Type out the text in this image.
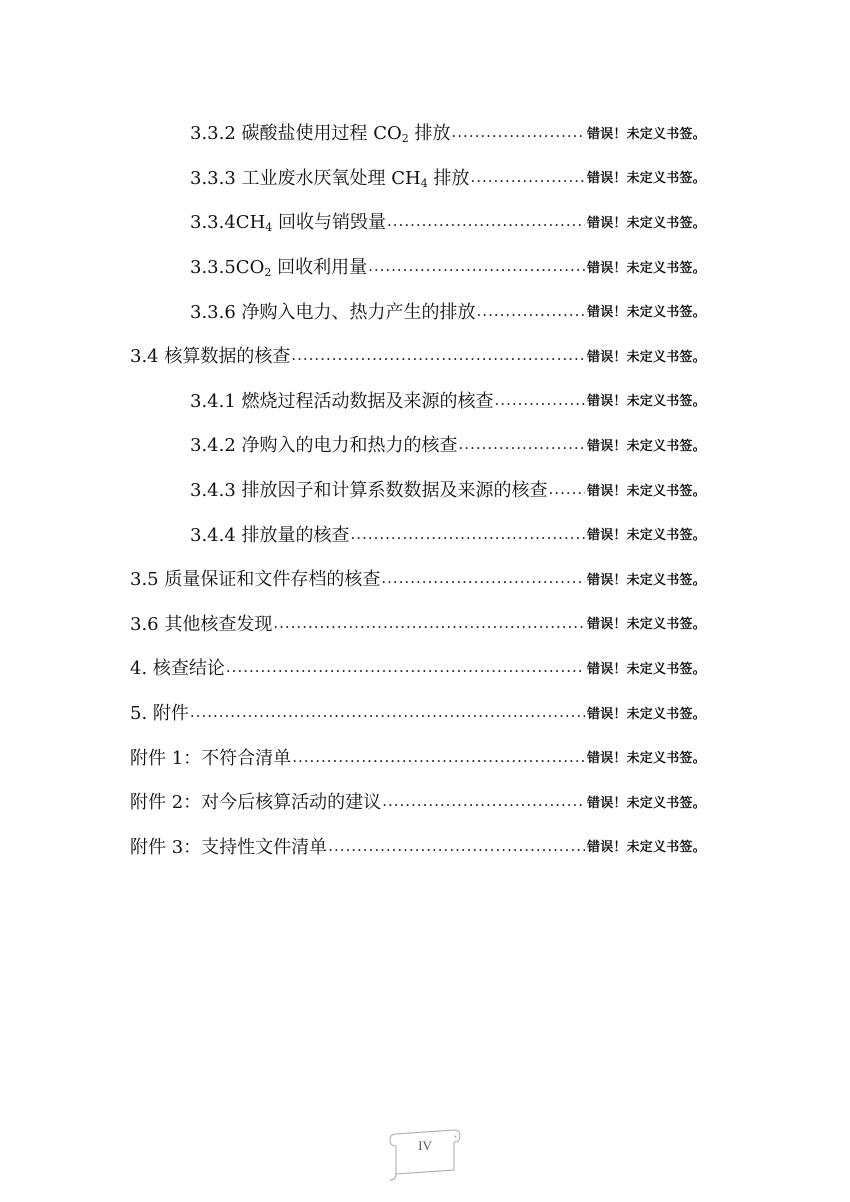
3.3.2 碳酸盐使用过程 $CO_2$ 排放 .....	错误！未定义书签。
3.3.3 工业废水厌氧处理 $CH_4$ 排放 .....	错误！未定义书签。
$3.3.4CH_4$ 回收与销毁量 .....	错误！未定义书签。
$3.3.5CO_2$ 回收利用量 .....	错误！未定义书签。
3.3.6 净购入电力、热力产生的排放 .....	错误！未定义书签。
3.4 核算数据的核查 .....	错误！未定义书签。
3.4.1 燃烧过程活动数据及来源的核查 .....	错误！未定义书签。
3.4.2 净购入的电力和热力的核查 .....	错误！未定义书签。
3.4.3 排放因子和计算系数数据及来源的核查 .....	错误！未定义书签。
3.4.4 排放量的核查 .....	错误！未定义书签。
3.5 质量保证和文件存档的核查 .....	错误！未定义书签。
3.6 其他核查发现 .....	错误！未定义书签。
4. 核查结论 .....	错误！未定义书签。
5. 附件 .....	错误！未定义书签。
附件 1：不符合清单 .....	错误！未定义书签。
附件 2：对今后核算活动的建议 .....	错误！未定义书签。
附件 3：支持性文件清单 .....	错误！未定义书签。
IV
